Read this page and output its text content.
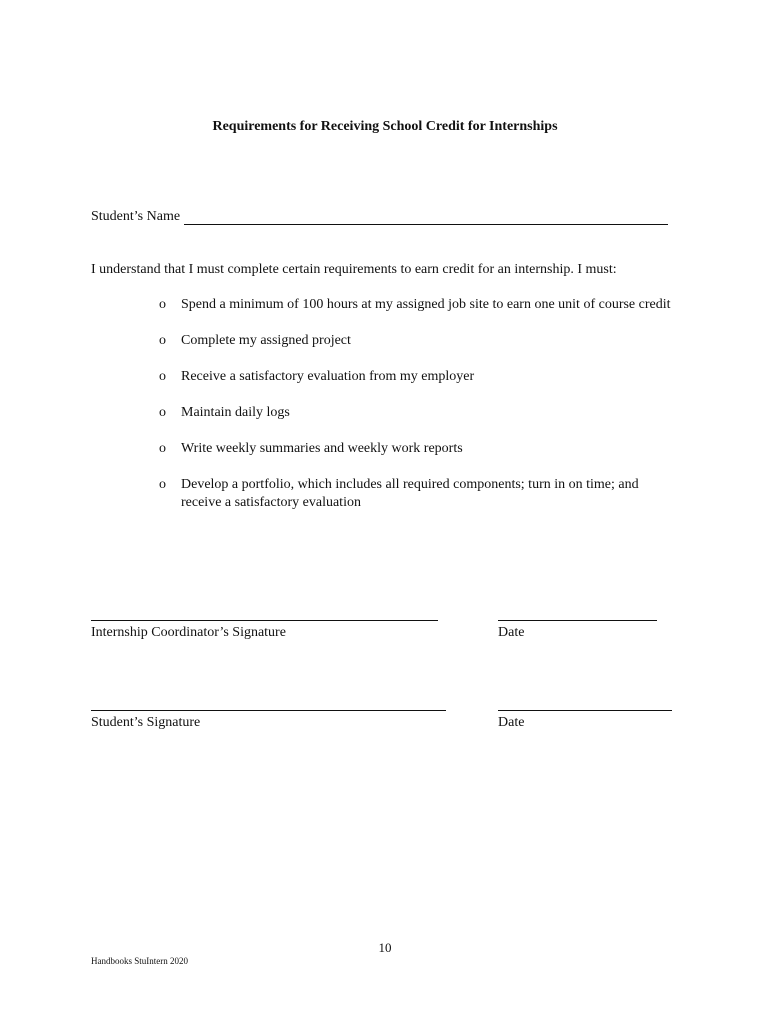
Requirements for Receiving School Credit for Internships
Student’s Name
I understand that I must complete certain requirements to earn credit for an internship. I must:
o Spend a minimum of 100 hours at my assigned job site to earn one unit of course credit
o Complete my assigned project
o Receive a satisfactory evaluation from my employer
o Maintain daily logs
o Write weekly summaries and weekly work reports
o Develop a portfolio, which includes all required components; turn in on time; and receive a satisfactory evaluation
Internship Coordinator’s Signature	Date
Student’s Signature	Date
10
Handbooks StuIntern 2020
